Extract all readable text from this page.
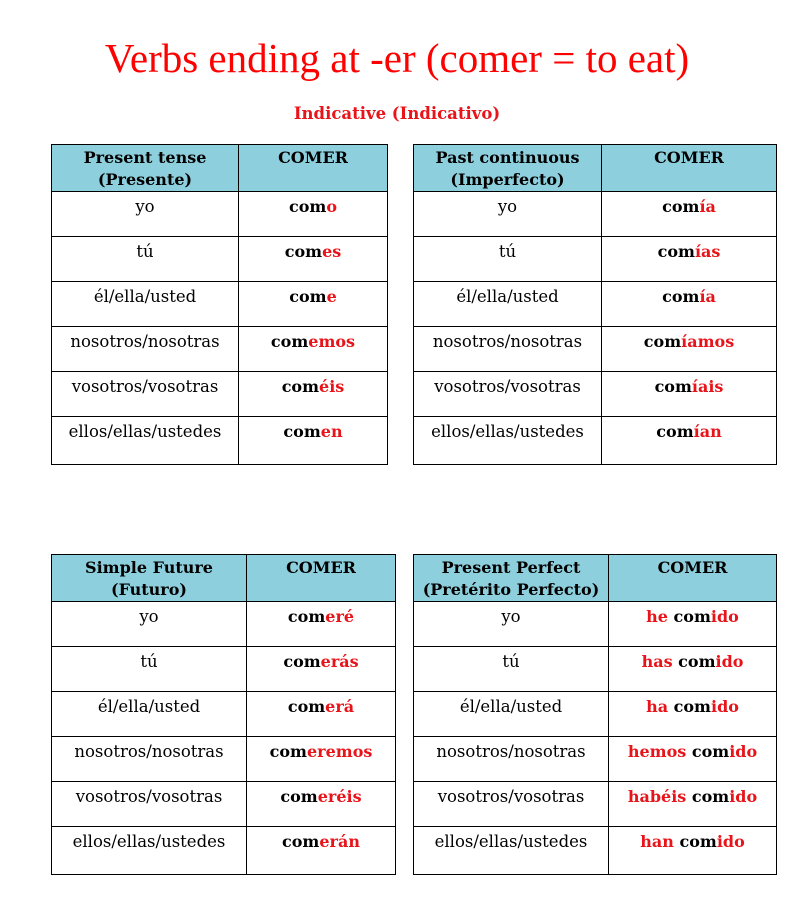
Verbs ending at -er (comer = to eat)
Indicative (Indicativo)
Present tense
(Presente)	COMER
yo	como
tú	comes
él/ella/usted	come
nosotros/nosotras	comemos
vosotros/vosotras	coméis
ellos/ellas/ustedes	comen
Past continuous
(Imperfecto)	COMER
yo	comía
tú	comías
él/ella/usted	comía
nosotros/nosotras	comíamos
vosotros/vosotras	comíais
ellos/ellas/ustedes	comían
Simple Future
(Futuro)	COMER
yo	comeré
tú	comerás
él/ella/usted	comerá
nosotros/nosotras	comeremos
vosotros/vosotras	comeréis
ellos/ellas/ustedes	comerán
Present Perfect
(Pretérito Perfecto)	COMER
yo	he comido
tú	has comido
él/ella/usted	ha comido
nosotros/nosotras	hemos comido
vosotros/vosotras	habéis comido
ellos/ellas/ustedes	han comido
